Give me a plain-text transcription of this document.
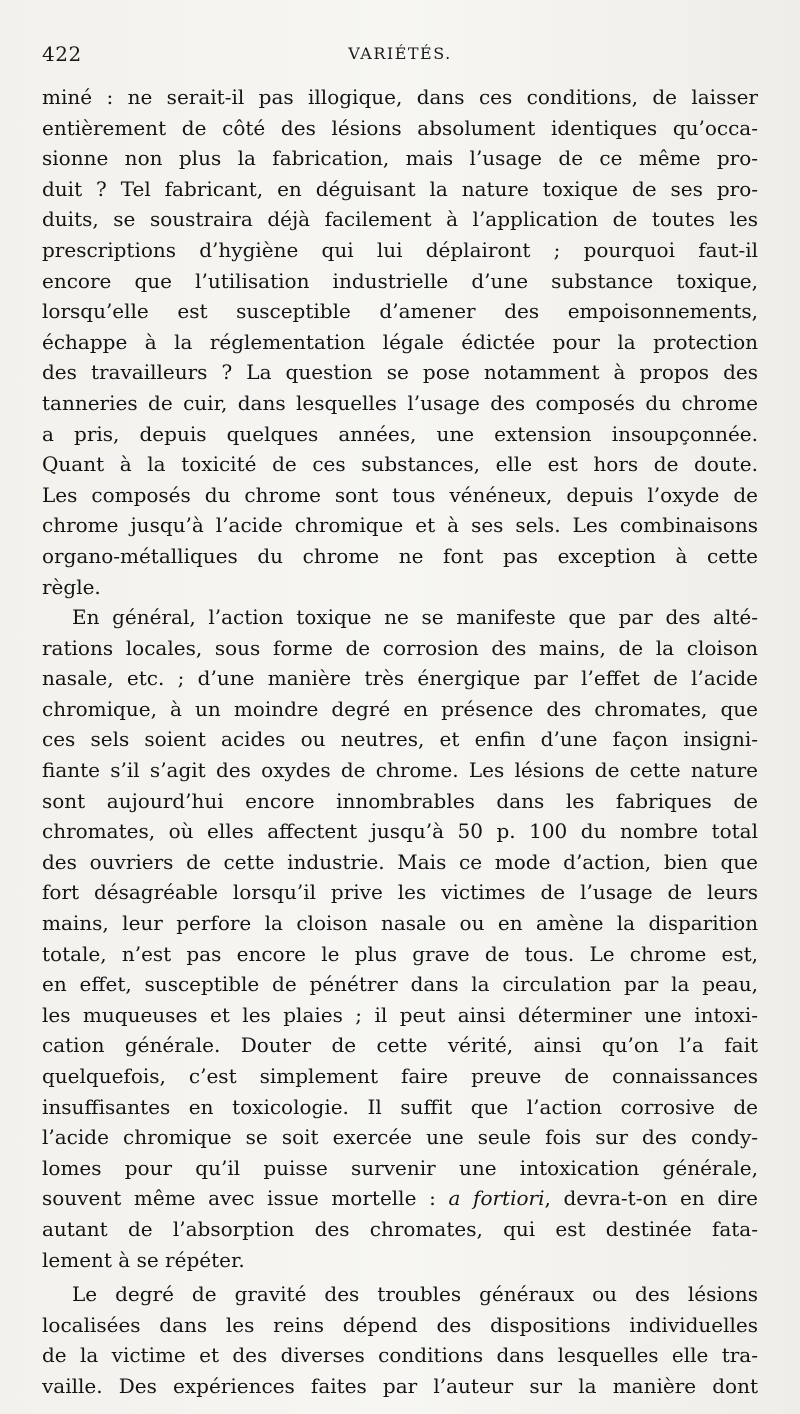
422	VARIÉTÉS.
miné : ne serait-il pas illogique, dans ces conditions, de laisser
entièrement de côté des lésions absolument identiques qu’occa-
sionne non plus la fabrication, mais l’usage de ce même pro-
duit ? Tel fabricant, en déguisant la nature toxique de ses pro-
duits, se soustraira déjà facilement à l’application de toutes les
prescriptions d’hygiène qui lui déplairont ; pourquoi faut-il
encore que l’utilisation industrielle d’une substance toxique,
lorsqu’elle est susceptible d’amener des empoisonnements,
échappe à la réglementation légale édictée pour la protection
des travailleurs ? La question se pose notamment à propos des
tanneries de cuir, dans lesquelles l’usage des composés du chrome
a pris, depuis quelques années, une extension insoupçonnée.
Quant à la toxicité de ces substances, elle est hors de doute.
Les composés du chrome sont tous vénéneux, depuis l’oxyde de
chrome jusqu’à l’acide chromique et à ses sels. Les combinaisons
organo-métalliques du chrome ne font pas exception à cette
règle.
En général, l’action toxique ne se manifeste que par des alté-
rations locales, sous forme de corrosion des mains, de la cloison
nasale, etc. ; d’une manière très énergique par l’effet de l’acide
chromique, à un moindre degré en présence des chromates, que
ces sels soient acides ou neutres, et enfin d’une façon insigni-
fiante s’il s’agit des oxydes de chrome. Les lésions de cette nature
sont aujourd’hui encore innombrables dans les fabriques de
chromates, où elles affectent jusqu’à 50 p. 100 du nombre total
des ouvriers de cette industrie. Mais ce mode d’action, bien que
fort désagréable lorsqu’il prive les victimes de l’usage de leurs
mains, leur perfore la cloison nasale ou en amène la disparition
totale, n’est pas encore le plus grave de tous. Le chrome est,
en effet, susceptible de pénétrer dans la circulation par la peau,
les muqueuses et les plaies ; il peut ainsi déterminer une intoxi-
cation générale. Douter de cette vérité, ainsi qu’on l’a fait
quelquefois, c’est simplement faire preuve de connaissances
insuffisantes en toxicologie. Il suffit que l’action corrosive de
l’acide chromique se soit exercée une seule fois sur des condy-
lomes pour qu’il puisse survenir une intoxication générale,
souvent même avec issue mortelle : a fortiori, devra-t-on en dire
autant de l’absorption des chromates, qui est destinée fata-
lement à se répéter.
Le degré de gravité des troubles généraux ou des lésions
localisées dans les reins dépend des dispositions individuelles
de la victime et des diverses conditions dans lesquelles elle tra-
vaille. Des expériences faites par l’auteur sur la manière dont
